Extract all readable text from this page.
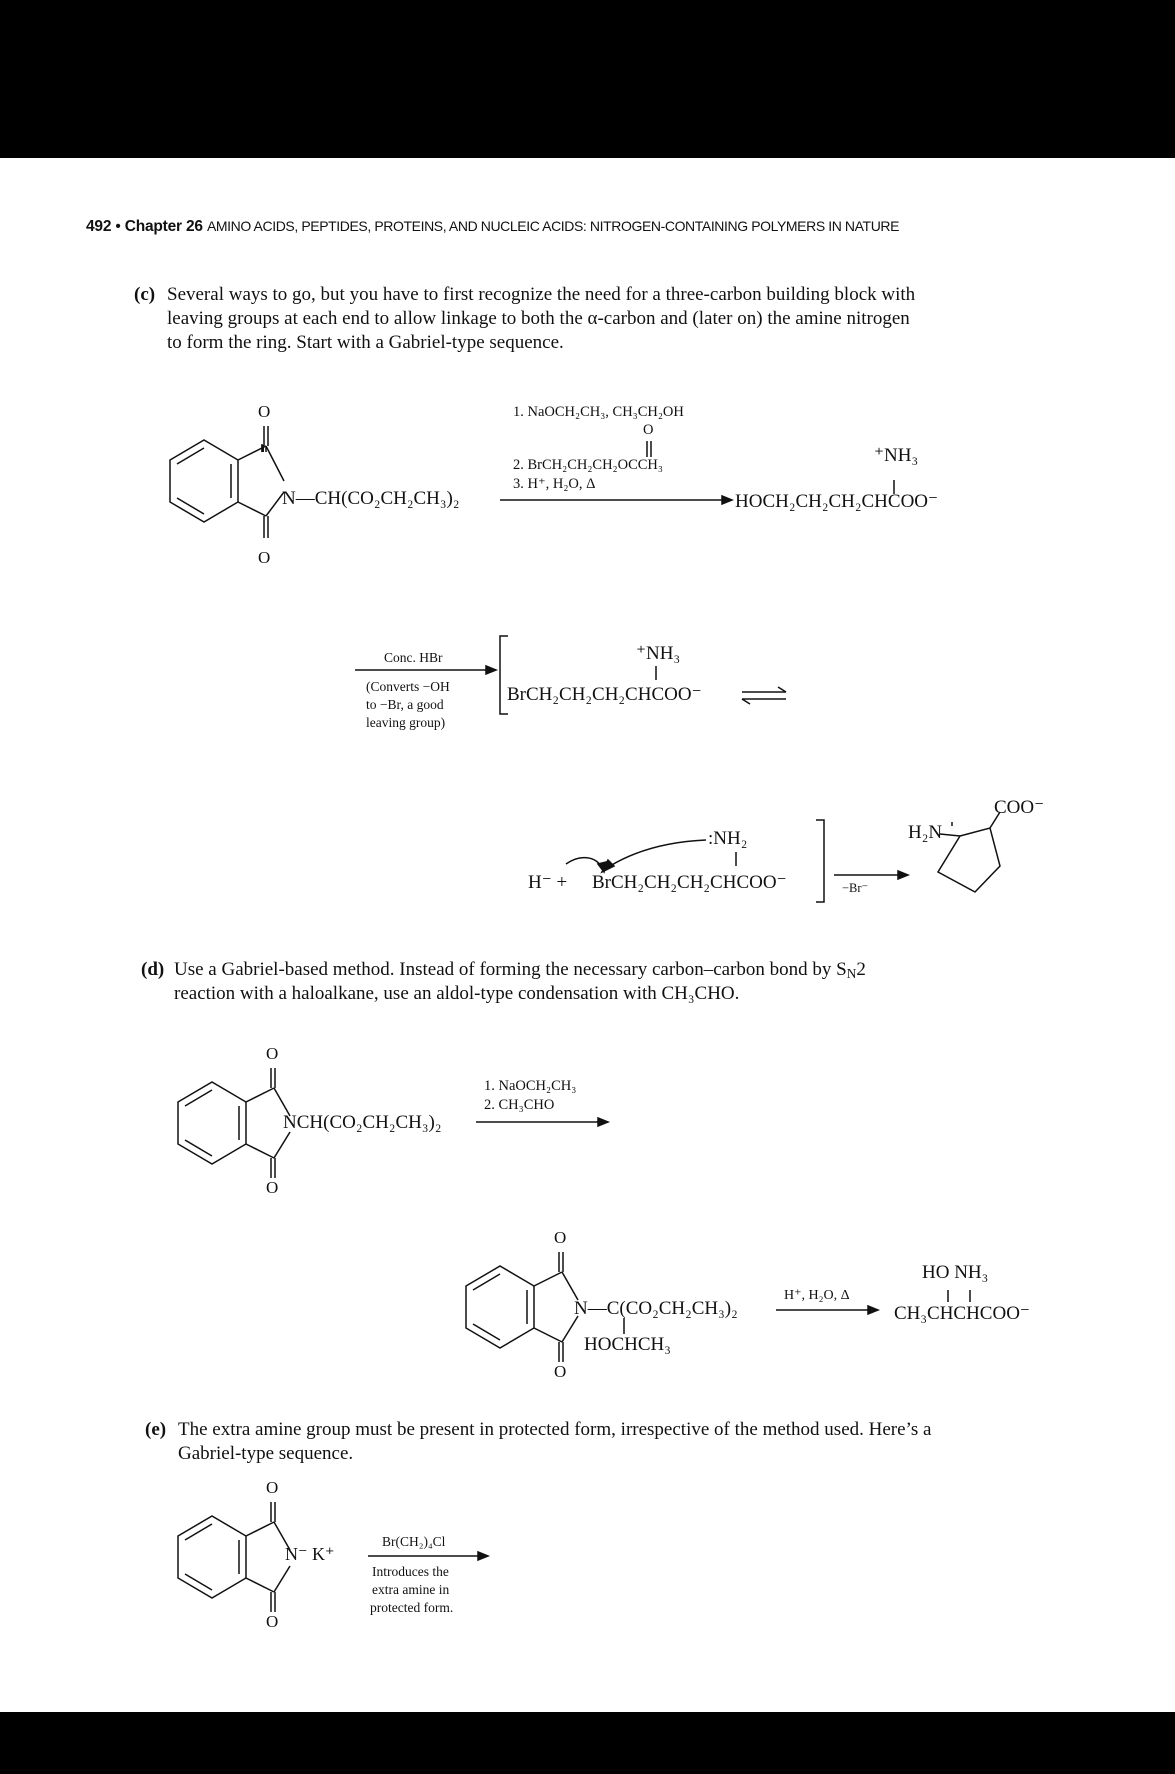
492 • Chapter 26 AMINO ACIDS, PEPTIDES, PROTEINS, AND NUCLEIC ACIDS: NITROGEN-CONTAINING POLYMERS IN NATURE
(c) Several ways to go, but you have to first recognize the need for a three-carbon building block with
leaving groups at each end to allow linkage to both the α-carbon and (later on) the amine nitrogen
to form the ring. Start with a Gabriel-type sequence.
O
O
N—CH(CO₂CH₂CH₃)₂
1. NaOCH₂CH₃, CH₃CH₂OH
O
2. BrCH₂CH₂CH₂OCCH₃
3. H⁺, H₂O, Δ
⁺NH₃
HOCH₂CH₂CH₂CHCOO⁻
Conc. HBr
(Converts −OH
to −Br, a good
leaving group)
⁺NH₃
BrCH₂CH₂CH₂CHCOO⁻
:NH₂
H⁻ + BrCH₂CH₂CH₂CHCOO⁻	−Br⁻
H₂N
COO⁻
(d) Use a Gabriel-based method. Instead of forming the necessary carbon–carbon bond by $S_N2$
reaction with a haloalkane, use an aldol-type condensation with CH₃CHO.
O
O
NCH(CO₂CH₂CH₃)₂
1. NaOCH₂CH₃
2. CH₃CHO
O
O
N—C(CO₂CH₂CH₃)₂
HOCHCH₃
H⁺, H₂O, Δ
HO NH₃
CH₃CHCHCOO⁻
(e) The extra amine group must be present in protected form, irrespective of the method used. Here’s a
Gabriel-type sequence.
O
O
N⁻ K⁺
Br(CH₂)₄Cl
Introduces the
extra amine in
protected form.
